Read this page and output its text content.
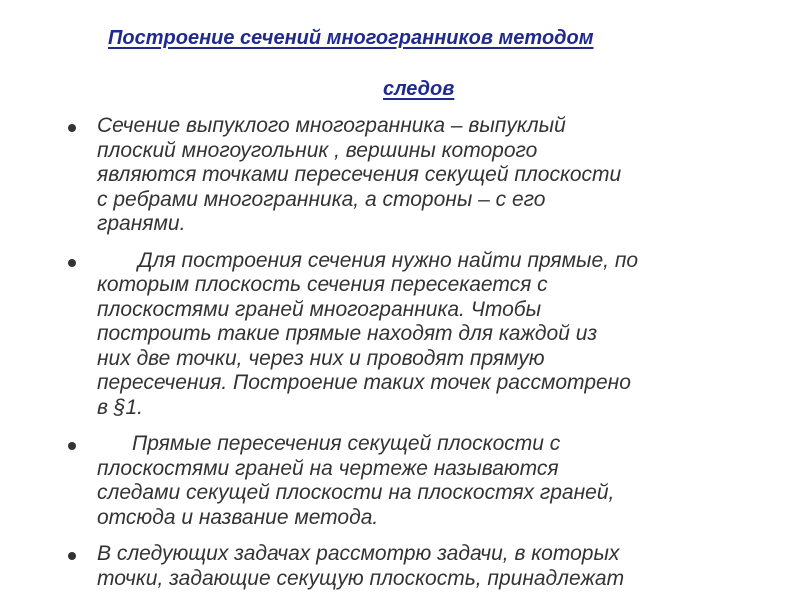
Построение сечений многогранников методом
следов
Сечение выпуклого многогранника – выпуклый
плоский многоугольник , вершины которого
являются точками пересечения секущей плоскости
с ребрами многогранника, а стороны – с его
гранями.
Для построения сечения нужно найти прямые, по
которым плоскость сечения пересекается с
плоскостями граней многогранника. Чтобы
построить такие прямые находят для каждой из
них две точки, через них и проводят прямую
пересечения. Построение таких точек рассмотрено
в §1.
Прямые пересечения секущей плоскости с
плоскостями граней на чертеже называются
следами секущей плоскости на плоскостях граней,
отсюда и название метода.
В следующих задачах рассмотрю задачи, в которых
точки, задающие секущую плоскость, принадлежат
